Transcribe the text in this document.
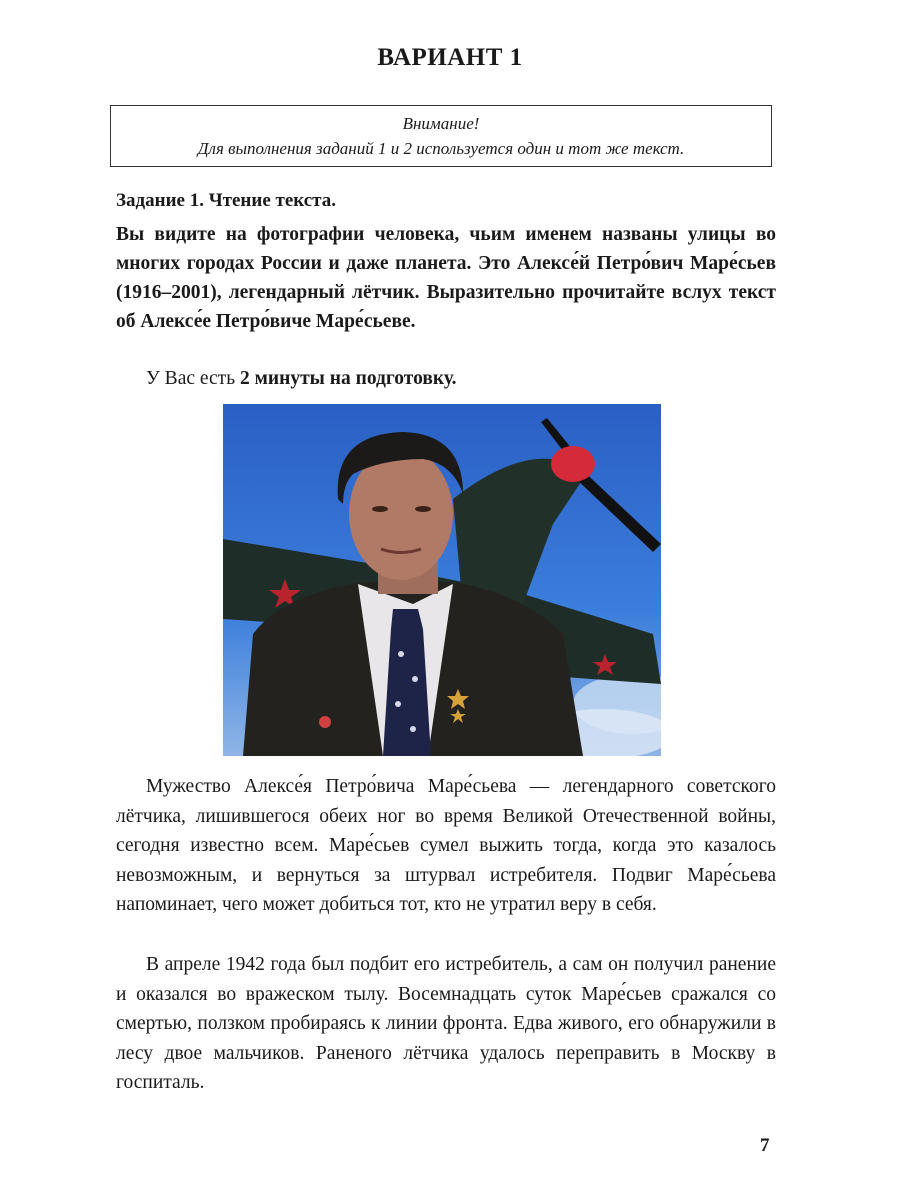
ВАРИАНТ 1
Внимание!
Для выполнения заданий 1 и 2 используется один и тот же текст.
Задание 1. Чтение текста.
Вы видите на фотографии человека, чьим именем названы улицы во многих городах России и даже планета. Это Алексе́й Петро́вич Маре́сьев (1916–2001), легендарный лётчик. Выразительно прочитайте вслух текст об Алексе́е Петро́виче Маре́сьеве.
У Вас есть 2 минуты на подготовку.

Мужество Алексе́я Петро́вича Маре́сьева — легендарного советского лётчика, лишившегося обеих ног во время Великой Отечественной войны, сегодня известно всем. Маре́сьев сумел выжить тогда, когда это казалось невозможным, и вернуться за штурвал истребителя. Подвиг Маре́сьева напоминает, чего может добиться тот, кто не утратил веру в себя.

В апреле 1942 года был подбит его истребитель, а сам он получил ранение и оказался во вражеском тылу. Восемнадцать суток Маре́сьев сражался со смертью, ползком пробираясь к линии фронта. Едва живого, его обнаружили в лесу двое мальчиков. Раненого лётчика удалось переправить в Москву в госпиталь.

7
